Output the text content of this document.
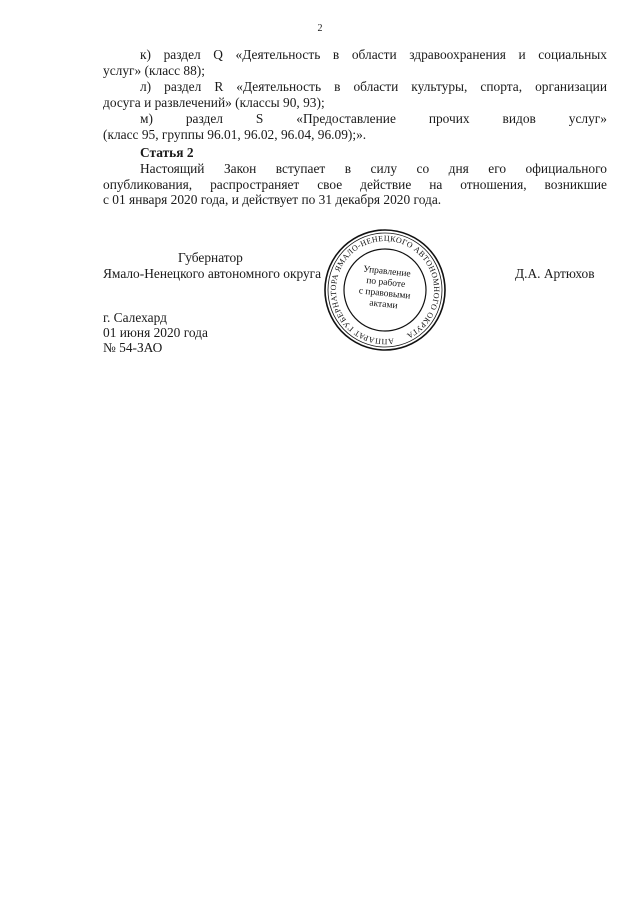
2
к) раздел Q «Деятельность в области здравоохранения и социальных
услуг» (класс 88);
л) раздел R «Деятельность в области культуры, спорта, организации
досуга и развлечений» (классы 90, 93);
м) раздел S «Предоставление прочих видов услуг»
(класс 95, группы 96.01, 96.02, 96.04, 96.09);».
Статья 2
Настоящий Закон вступает в силу со дня его официального
опубликования, распространяет свое действие на отношения, возникшие
с 01 января 2020 года, и действует по 31 декабря 2020 года.
Губернатор
Ямало-Ненецкого автономного округа	Д.А. Артюхов
АППАРАТ ГУБЕРНАТОРА ЯМАЛО-НЕНЕЦКОГО АВТОНОМНОГО ОКРУГА
Управление
по работе
с правовыми
актами
г. Салехард
01 июня 2020 года
№ 54-ЗАО
